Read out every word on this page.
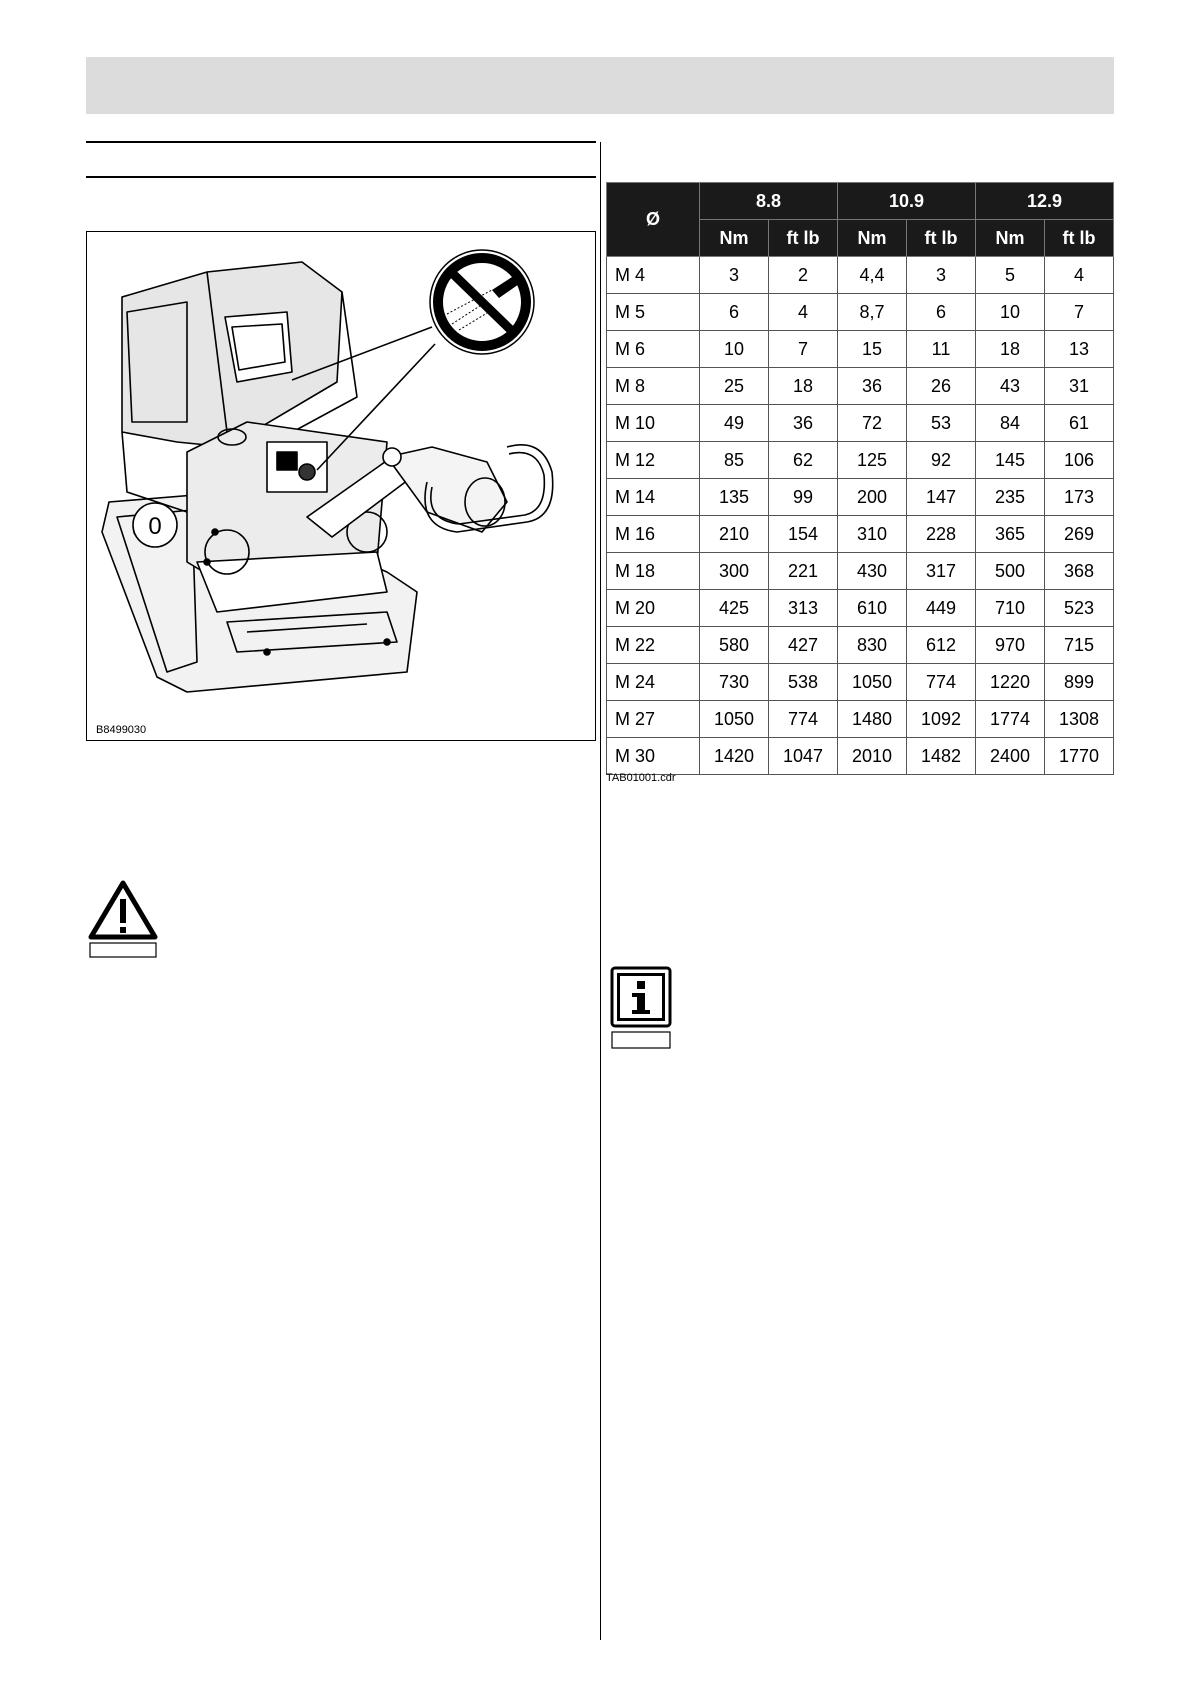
0
B8499030
Ø	8.8		10.9		12.9	
	Nm	ft lb	Nm	ft lb	Nm	ft lb
M 4	3	2	4,4	3	5	4
M 5	6	4	8,7	6	10	7
M 6	10	7	15	11	18	13
M 8	25	18	36	26	43	31
M 10	49	36	72	53	84	61
M 12	85	62	125	92	145	106
M 14	135	99	200	147	235	173
M 16	210	154	310	228	365	269
M 18	300	221	430	317	500	368
M 20	425	313	610	449	710	523
M 22	580	427	830	612	970	715
M 24	730	538	1050	774	1220	899
M 27	1050	774	1480	1092	1774	1308
M 30	1420	1047	2010	1482	2400	1770
TAB01001.cdr
